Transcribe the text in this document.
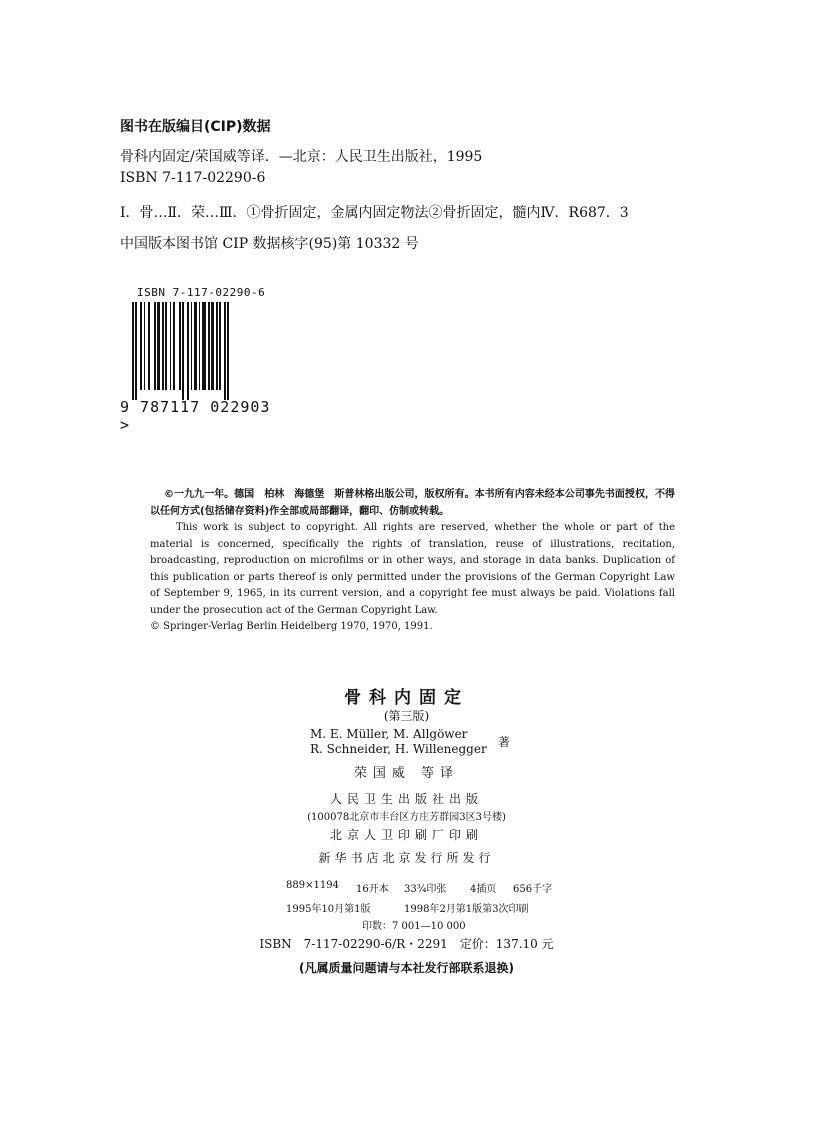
图书在版编目(CIP)数据
骨科内固定/荣国威等译．—北京：人民卫生出版社，1995
ISBN 7-117-02290-6
Ⅰ．骨…Ⅱ．荣…Ⅲ．①骨折固定，金属内固定物法②骨折固定，髓内Ⅳ．R687．3
中国版本图书馆 CIP 数据核字(95)第 10332 号
ISBN 7-117-02290-6
9 787117 022903 >

©一九九一年。德国　柏林　海德堡　斯普林格出版公司，版权所有。本书所有内容未经本公司事先书面授权，不得以任何方式(包括储存资料)作全部或局部翻译，翻印、仿制或转载。

This work is subject to copyright. All rights are reserved, whether the whole or part of the material is concerned, specifically the rights of translation, reuse of illustrations, recitation, broadcasting, reproduction on microfilms or in other ways, and storage in data banks. Duplication of this publication or parts thereof is only permitted under the provisions of the German Copyright Law of September 9, 1965, in its current version, and a copyright fee must always be paid. Violations fall under the prosecution act of the German Copyright Law.

© Springer-Verlag Berlin Heidelberg 1970, 1970, 1991.

骨科内固定
(第三版)
M. E. Müller, M. Allgöwer
R. Schneider, H. Willenegger 著
荣国威 等译
人民卫生出版社出版
(100078北京市丰台区方庄芳群园3区3号楼)
北京人卫印刷厂印刷
新华书店北京发行所发行
889×1194 16开本 33¾印张 4插页 656千字
1995年10月第1版	1998年2月第1版第3次印刷
印数：7 001—10 000
ISBN　7-117-02290-6/R・2291　定价：137.10 元
(凡属质量问题请与本社发行部联系退换)
